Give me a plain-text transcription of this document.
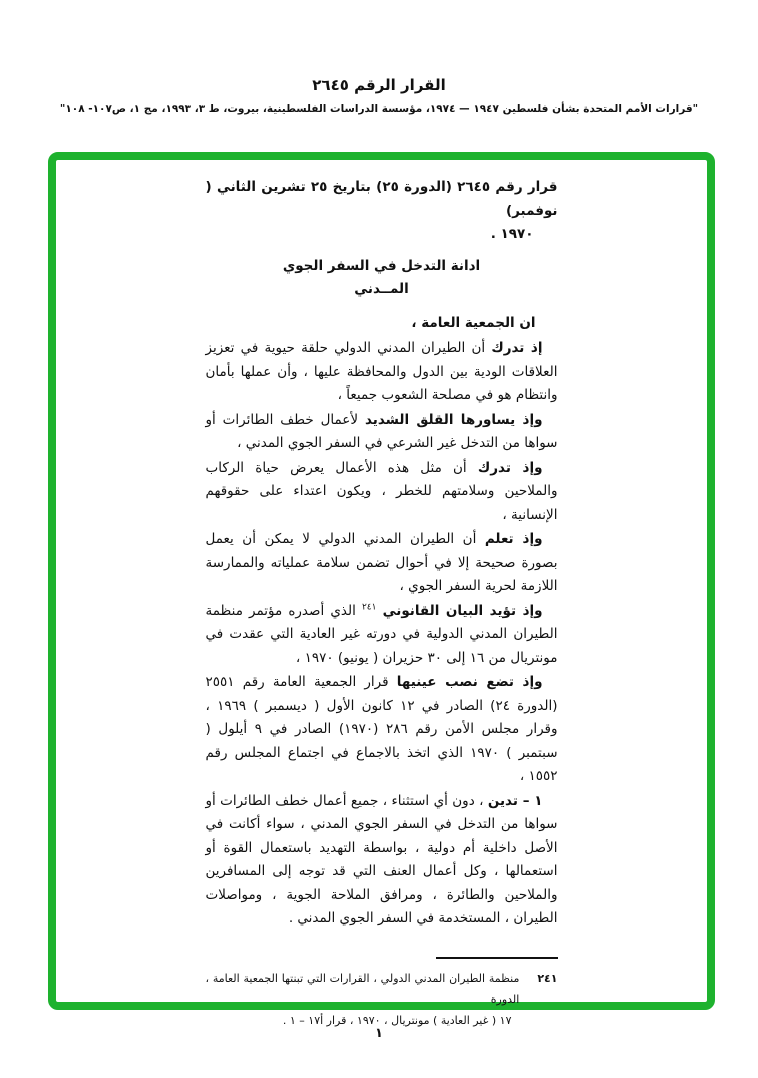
القرار الرقم ٢٦٤٥
"قرارات الأمم المتحدة بشأن فلسطين ١٩٤٧ — ١٩٧٤، مؤسسة الدراسات الفلسطينية، بيروت، ط ٣، ١٩٩٣، مج ١، ص١٠٧- ١٠٨"
قرار رقم ٢٦٤٥ (الدورة ٢٥) بتاريخ ٢٥ تشرين الثاني ( نوفمبر)
١٩٧٠ .

ادانة التدخل في السفر الجوي

المــدني

ان الجمعية العامة ،

إذ تدرك أن الطيران المدني الدولي حلقة حيوية في تعزيز العلاقات الودية بين الدول والمحافظة عليها ، وأن عملها بأمان وانتظام هو في مصلحة الشعوب جميعاً ،

وإذ يساورها القلق الشديد لأعمال خطف الطائرات أو سواها من التدخل غير الشرعي في السفر الجوي المدني ،

وإذ تدرك أن مثل هذه الأعمال يعرض حياة الركاب والملاحين وسلامتهم للخطر ، ويكون اعتداء على حقوقهم الإنسانية ،

وإذ تعلم أن الطيران المدني الدولي لا يمكن أن يعمل بصورة صحيحة إلا في أحوال تضمن سلامة عملياته والممارسة اللازمة لحرية السفر الجوي ،

وإذ تؤيد البيان القانوني $^{٢٤١}$ الذي أصدره مؤتمر منظمة الطيران المدني الدولية في دورته غير العادية التي عقدت في مونتريال من ١٦ إلى ٣٠ حزيران ( يونيو) ١٩٧٠ ،

وإذ تضع نصب عينيها قرار الجمعية العامة رقم ٢٥٥١ (الدورة ٢٤) الصادر في ١٢ كانون الأول ( ديسمبر ) ١٩٦٩ ، وقرار مجلس الأمن رقم ٢٨٦ (١٩٧٠) الصادر في ٩ أيلول ( سبتمبر ) ١٩٧٠ الذي اتخذ بالاجماع في اجتماع المجلس رقم ١٥٥٢ ،

١ – تدين ، دون أي استثناء ، جميع أعمال خطف الطائرات أو سواها من التدخل في السفر الجوي المدني ، سواء أكانت في الأصل داخلية أم دولية ، بواسطة التهديد باستعمال القوة أو استعمالها ، وكل أعمال العنف التي قد توجه إلى المسافرين والملاحين والطائرة ، ومرافق الملاحة الجوية ، ومواصلات الطيران ، المستخدمة في السفر الجوي المدني .

٢٤١
منظمة الطيران المدني الدولي ، القرارات التي تبنتها الجمعية العامة ، الدورة
١٧ ( غير العادية ) مونتريال ، ١٩٧٠ ، قرار أ١٧ – ١ .
١
